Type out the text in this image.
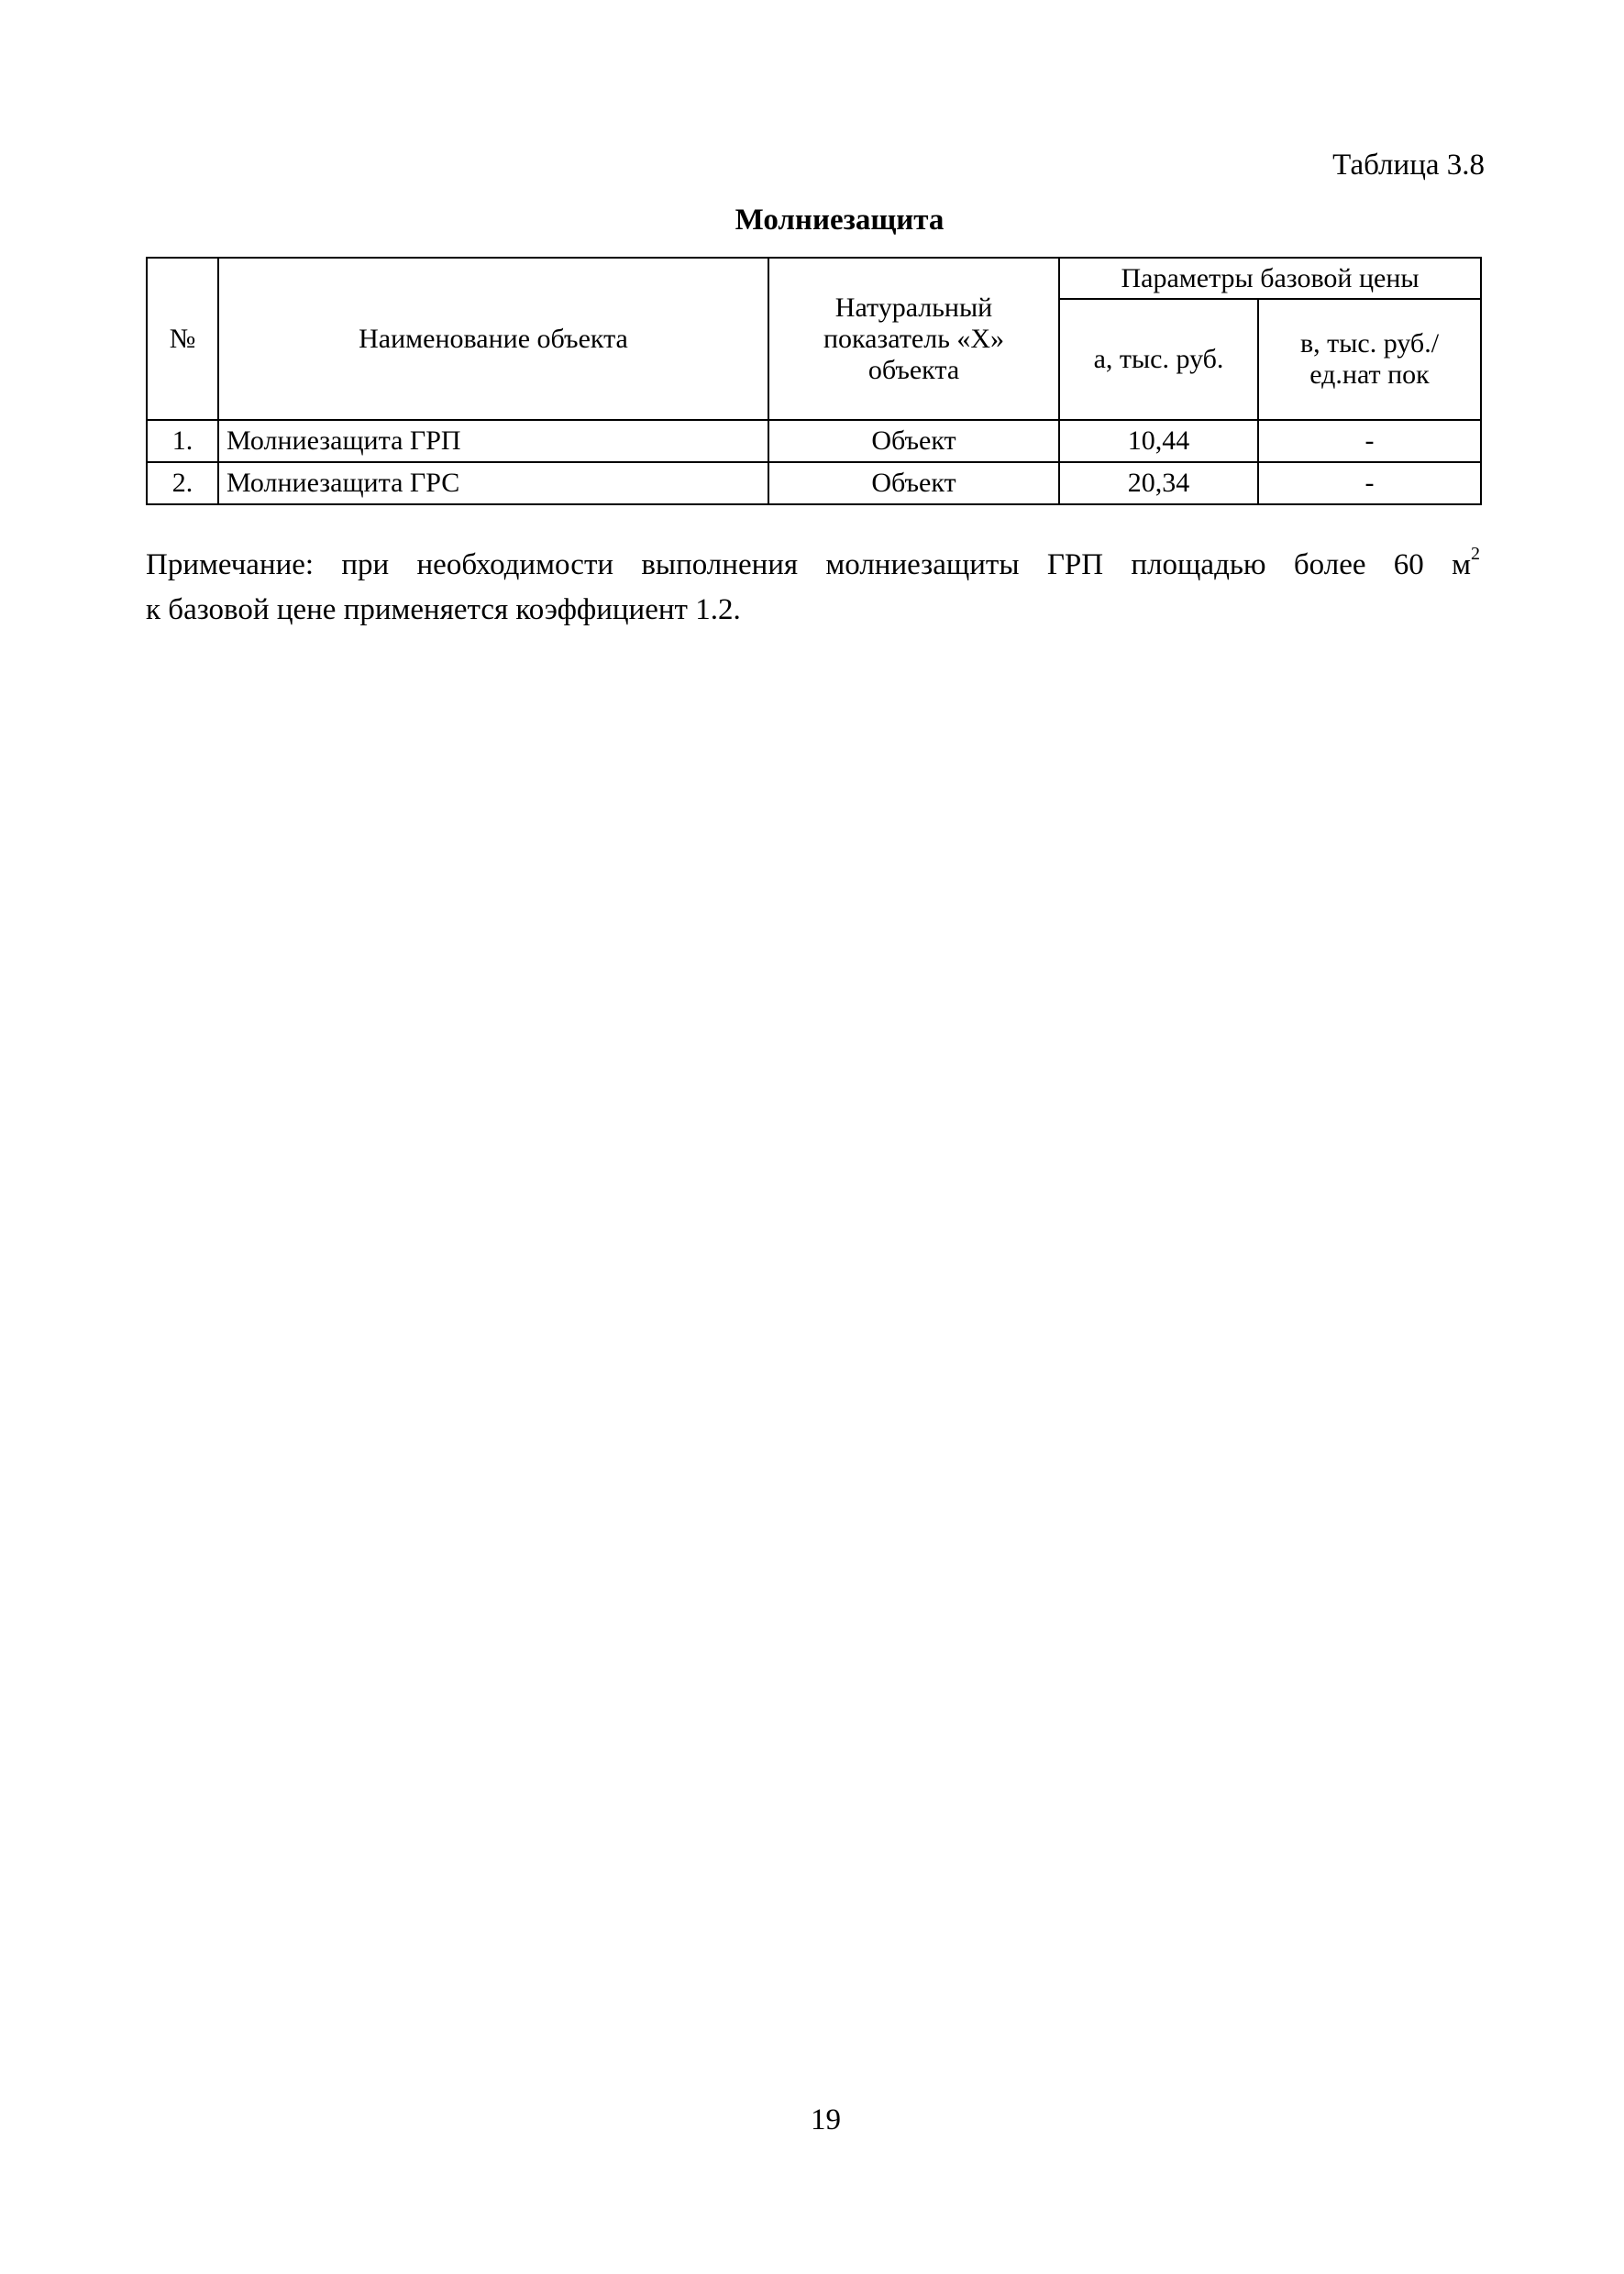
Таблица 3.8
Молниезащита
№	Наименование объекта	Натуральный показатель «X» объекта	Параметры базовой цены	
			а, тыс. руб.	в, тыс. руб./ ед.нат пок
1.	Молниезащита ГРП	Объект	10,44	-
2.	Молниезащита ГРС	Объект	20,34	-
Примечание: при необходимости выполнения молниезащиты ГРП площадью более 60 $м^2$
к базовой цене применяется коэффициент 1.2.
19
